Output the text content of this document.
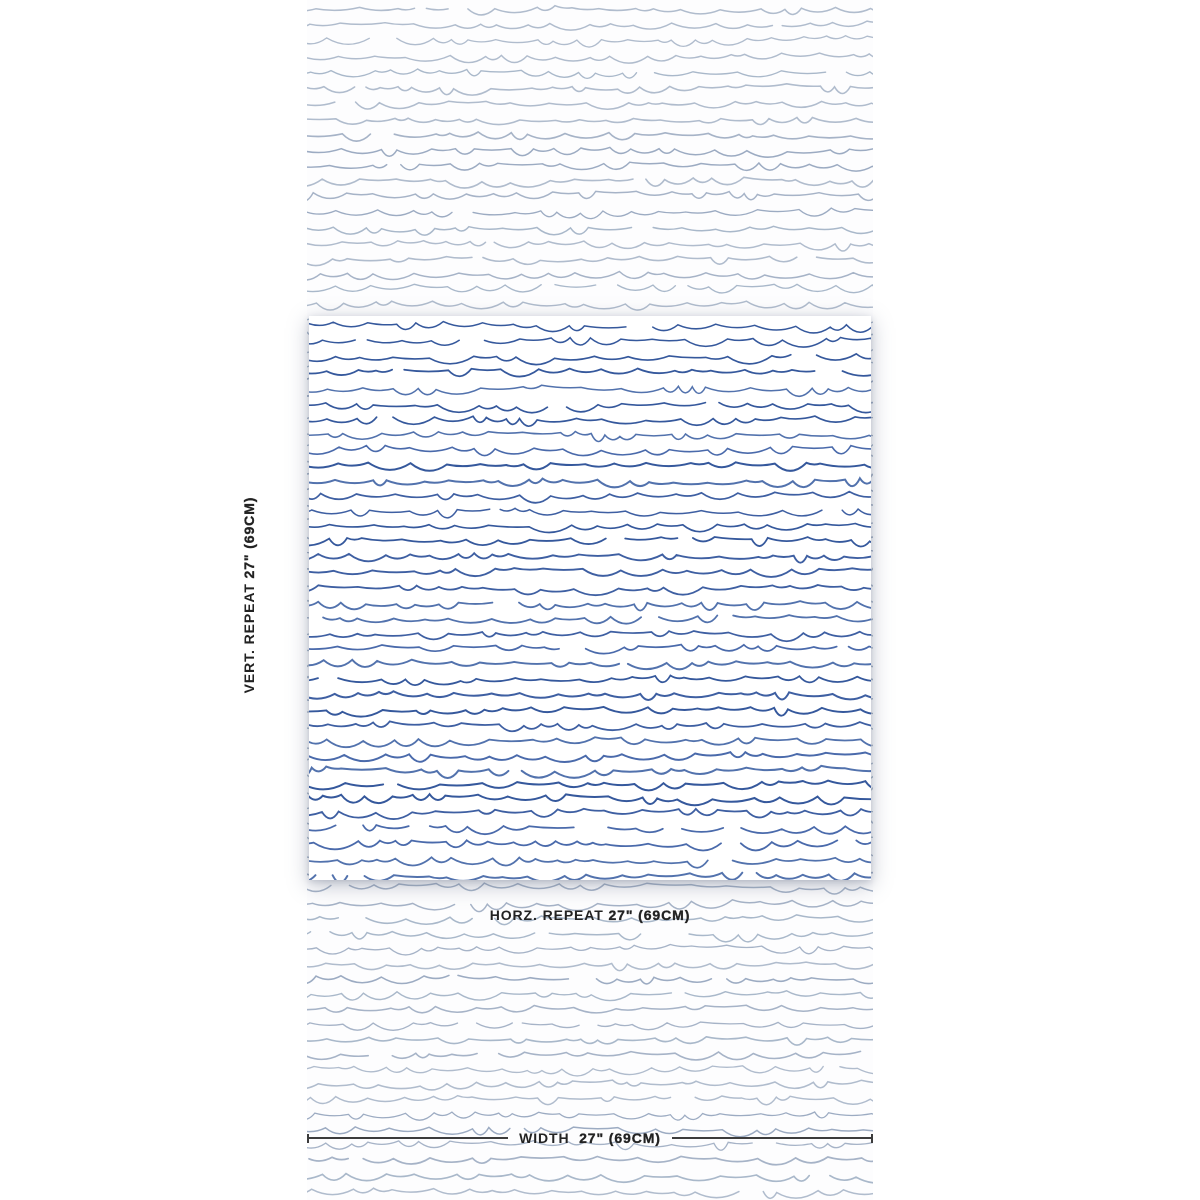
VERT. REPEAT
27" (69CM)
HORZ. REPEAT 27" (69CM)
WIDTH 27" (69CM)
